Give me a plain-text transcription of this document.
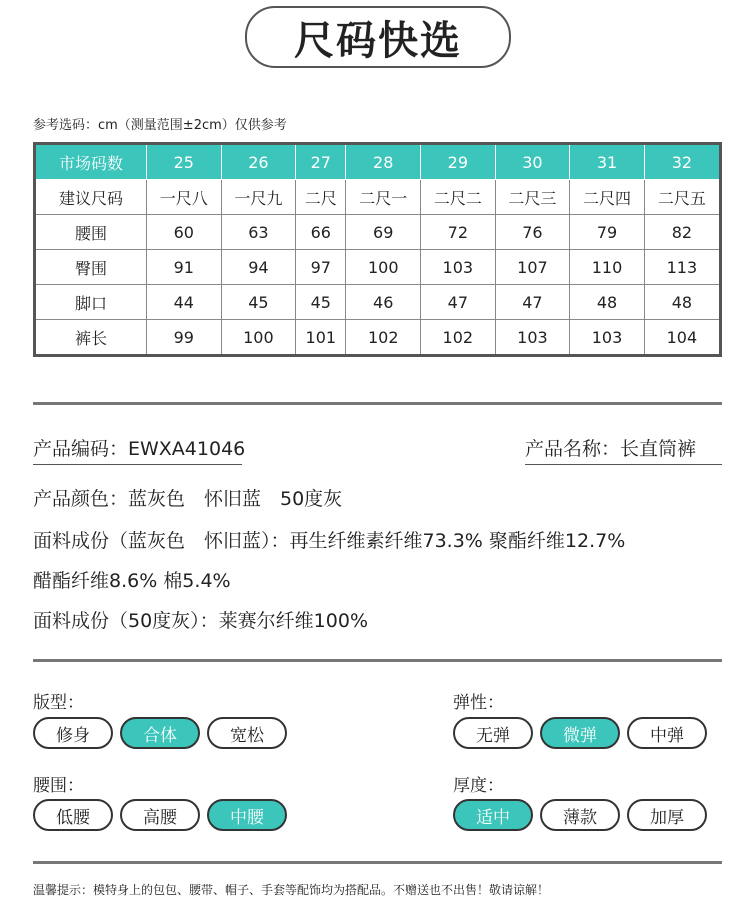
尺码快选
参考选码：cm（测量范围±2cm）仅供参考
市场码数	25	26	27	28	29	30	31	32
建议尺码	一尺八	一尺九	二尺	二尺一	二尺二	二尺三	二尺四	二尺五
腰围	60	63	66	69	72	76	79	82
臀围	91	94	97	100	103	107	110	113
脚口	44	45	45	46	47	47	48	48
裤长	99	100	101	102	102	103	103	104
产品编码：EWXA41046	产品名称：长直筒裤
产品颜色：蓝灰色　怀旧蓝　50度灰
面料成份（蓝灰色　怀旧蓝）：再生纤维素纤维73.3% 聚酯纤维12.7%
醋酯纤维8.6% 棉5.4%
面料成份（50度灰）：莱赛尔纤维100%
版型：	弹性：
腰围：	厚度：
修身	合体	宽松	无弹	微弹	中弹
低腰	高腰	中腰	适中	薄款	加厚
温馨提示：模特身上的包包、腰带、帽子、手套等配饰均为搭配品。不赠送也不出售！敬请谅解！
